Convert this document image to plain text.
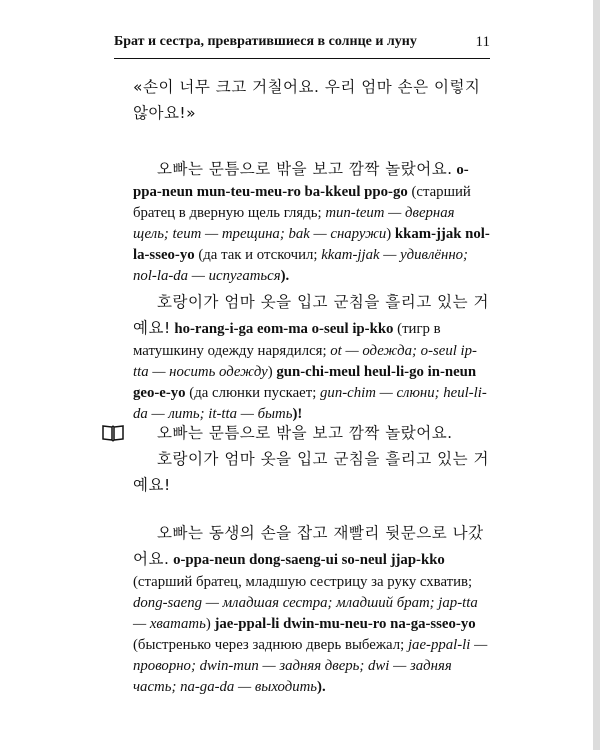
Брат и сестра, превратившиеся в солнце и луну	11
«손이 너무 크고 거칠어요. 우리 엄마 손은 이렇지 않아요!»

오빠는 문틈으로 밖을 보고 깜짝 놀랐어요. o-ppa-neun mun-teu-meu-ro ba-kkeul ppo-go (старший братец в дверную щель глядь; mun-teum — дверная щель; teum — трещина; bak — снаружи) kkam-jjak nol-la-sseo-yo (да так и отскочил; kkam-jjak — удивлённо; nol-la-da — испугаться).

호랑이가 엄마 옷을 입고 군침을 흘리고 있는 거예요! ho-rang-i-ga eom-ma o-seul ip-kko (тигр в матушкину одежду нарядился; ot — одежда; o-seul ip-tta — носить одежду) gun-chi-meul heul-li-go in-neun geo-e-yo (да слюнки пускает; gun-chim — слюни; heul-li-da — лить; it-tta — быть)!

오빠는 문틈으로 밖을 보고 깜짝 놀랐어요.

호랑이가 엄마 옷을 입고 군침을 흘리고 있는 거예요!

오빠는 동생의 손을 잡고 재빨리 뒷문으로 나갔어요. o-ppa-neun dong-saeng-ui so-neul jjap-kko (старший братец, младшую сестрицу за руку схватив; dong-saeng — младшая сестра; младший брат; jap-tta — хватать) jae-ppal-li dwin-mu-neu-ro na-ga-sseo-yo (быстренько через заднюю дверь выбежал; jae-ppal-li — проворно; dwin-mun — задняя дверь; dwi — задняя часть; na-ga-da — выходить).
